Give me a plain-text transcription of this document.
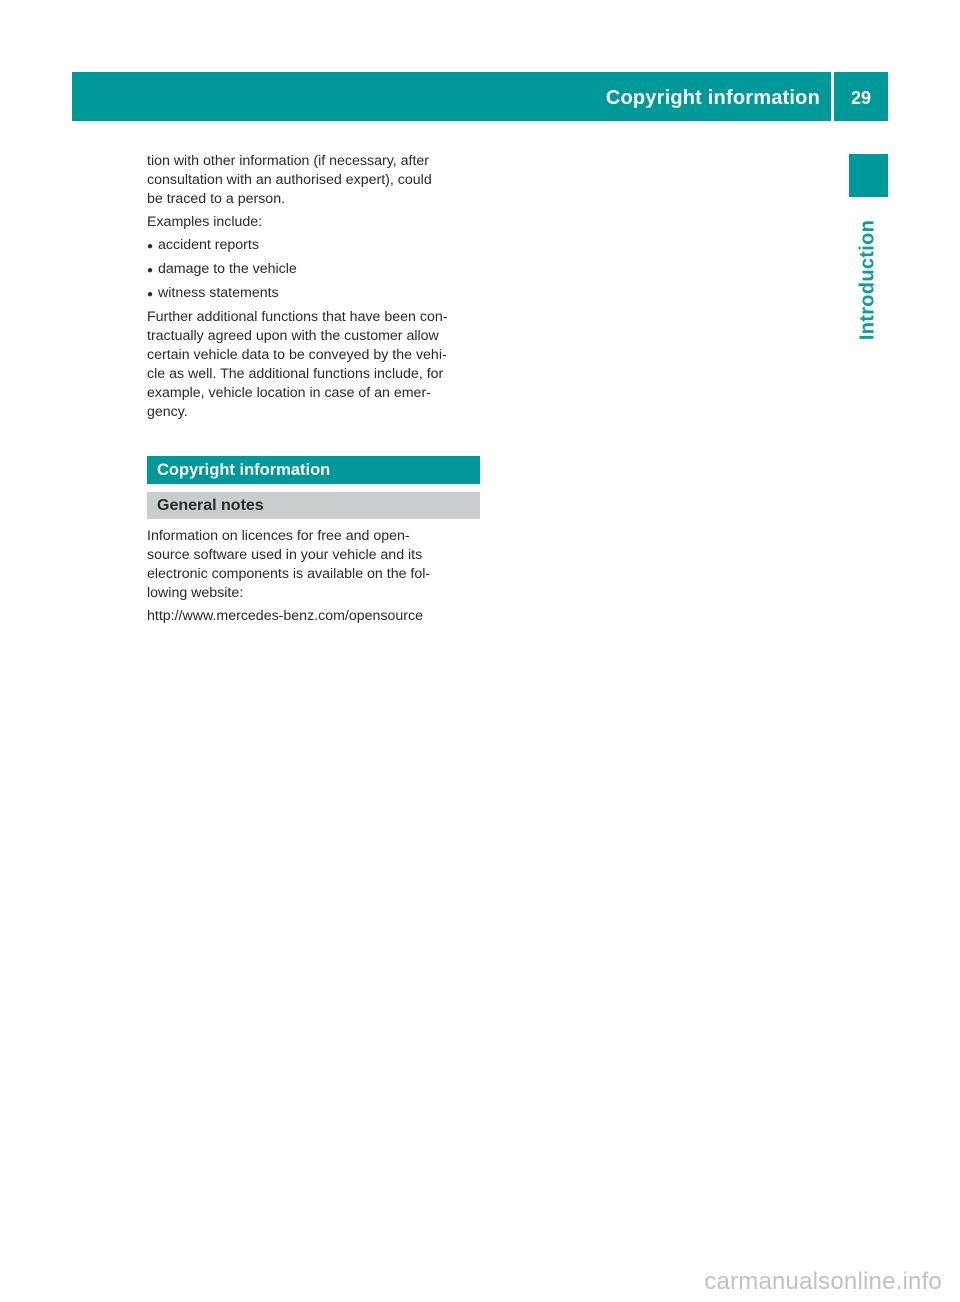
Copyright information	29
Introduction

tion with other information (if necessary, after
consultation with an authorised expert), could
be traced to a person.

Examples include:

● accident reports
● damage to the vehicle
● witness statements

Further additional functions that have been con-
tractually agreed upon with the customer allow
certain vehicle data to be conveyed by the vehi-
cle as well. The additional functions include, for
example, vehicle location in case of an emer-
gency.

Copyright information
General notes

Information on licences for free and open-
source software used in your vehicle and its
electronic components is available on the fol-
lowing website:

http://www.mercedes-benz.com/opensource

carmanualsonline.info
